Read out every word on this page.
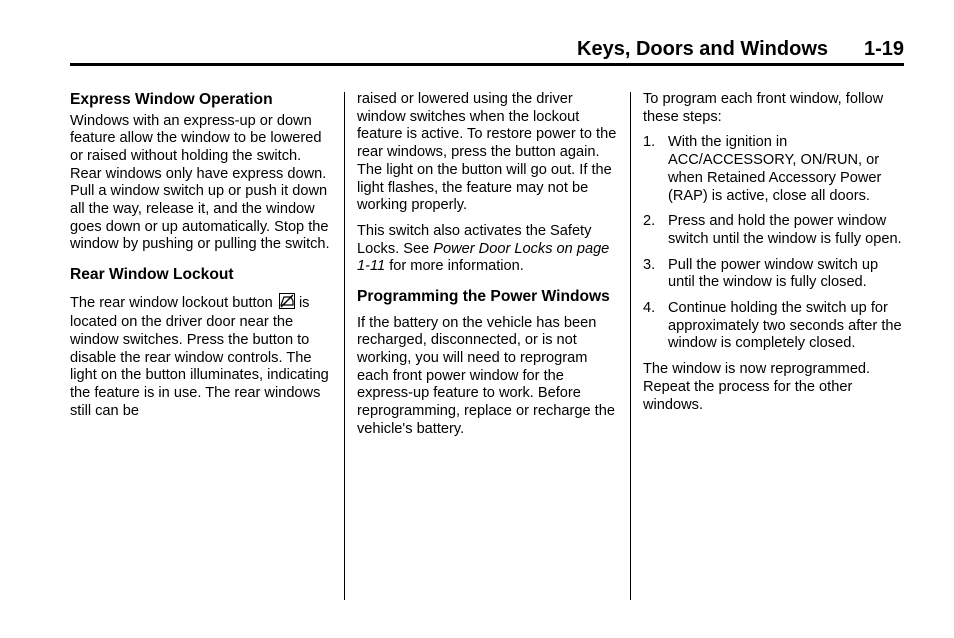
Keys, Doors and Windows 1-19
Express Window Operation

Windows with an express-up or down feature allow the window to be lowered or raised without holding the switch. Rear windows only have express down. Pull a window switch up or push it down all the way, release it, and the window goes down or up automatically. Stop the window by pushing or pulling the switch.

Rear Window Lockout

The rear window lockout button is located on the driver door near the window switches. Press the button to disable the rear window controls. The light on the button illuminates, indicating the feature is in use. The rear windows still can be

raised or lowered using the driver window switches when the lockout feature is active. To restore power to the rear windows, press the button again. The light on the button will go out. If the light flashes, the feature may not be working properly.

This switch also activates the Safety Locks. See Power Door Locks on page 1-11 for more information.

Programming the Power Windows

If the battery on the vehicle has been recharged, disconnected, or is not working, you will need to reprogram each front power window for the express-up feature to work. Before reprogramming, replace or recharge the vehicle's battery.

To program each front window, follow these steps:

1. With the ignition in ACC/ACCESSORY, ON/RUN, or when Retained Accessory Power (RAP) is active, close all doors.
2. Press and hold the power window switch until the window is fully open.
3. Pull the power window switch up until the window is fully closed.
4. Continue holding the switch up for approximately two seconds after the window is completely closed.

The window is now reprogrammed. Repeat the process for the other windows.
